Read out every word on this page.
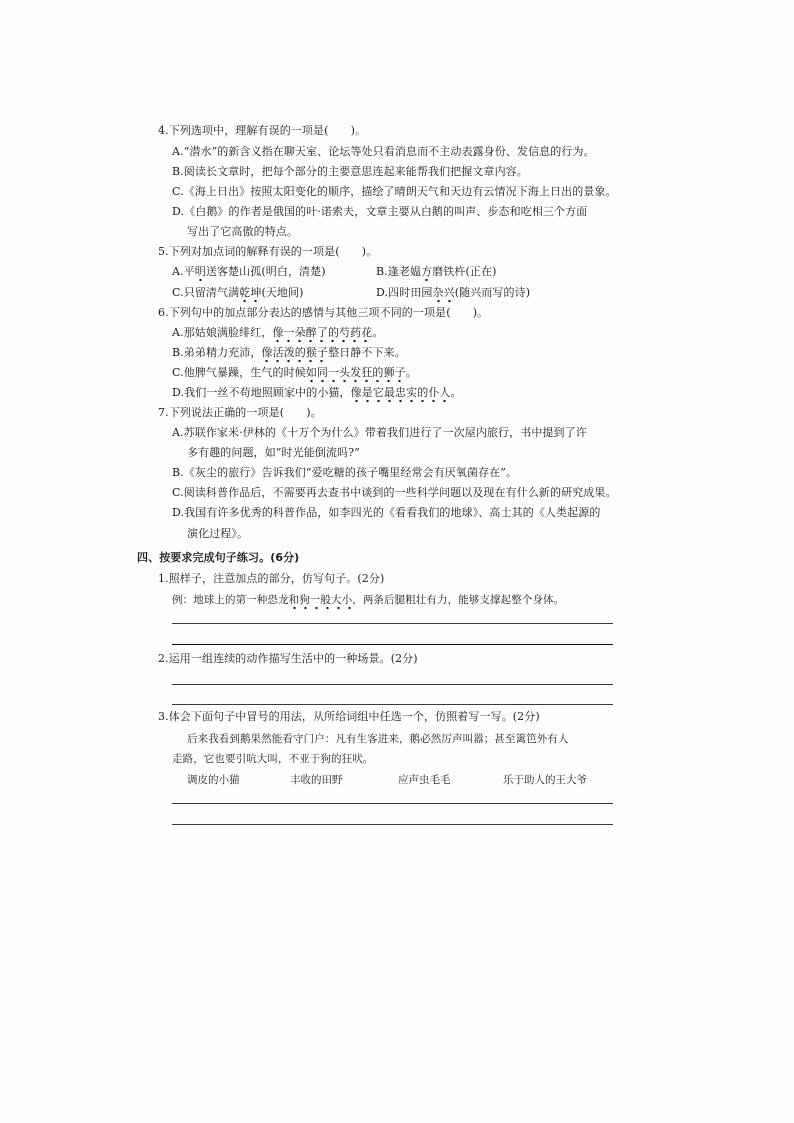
4.下列选项中，理解有误的一项是(　　)。
A.“潜水”的新含义指在聊天室、论坛等处只看消息而不主动表露身份、发信息的行为。
B.阅读长文章时，把每个部分的主要意思连起来能帮我们把握文章内容。
C.《海上日出》按照太阳变化的顺序，描绘了晴朗天气和天边有云情况下海上日出的景象。
D.《白鹅》的作者是俄国的叶·诺索夫，文章主要从白鹅的叫声、步态和吃相三个方面
写出了它高傲的特点。
5.下列对加点词的解释有误的一项是(　　)。
A.平明送客楚山孤(明白，清楚)	B.逢老媪方磨铁杵(正在)
C.只留清气满乾坤(天地间)	D.四时田园杂兴(随兴而写的诗)
6.下列句中的加点部分表达的感情与其他三项不同的一项是(　　)。
A.那姑娘满脸绯红，像一朵醉了的芍药花。
B.弟弟精力充沛，像活泼的猴子整日静不下来。
C.他脾气暴躁，生气的时候如同一头发狂的狮子。
D.我们一丝不苟地照顾家中的小猫，像是它最忠实的仆人。
7.下列说法正确的一项是(　　)。
A.苏联作家米·伊林的《十万个为什么》带着我们进行了一次屋内旅行，书中提到了许
多有趣的问题，如“时光能倒流吗?”
B.《灰尘的旅行》告诉我们“爱吃糖的孩子嘴里经常会有厌氧菌存在”。
C.阅读科普作品后，不需要再去查书中谈到的一些科学问题以及现在有什么新的研究成果。
D.我国有许多优秀的科普作品，如李四光的《看看我们的地球》、高士其的《人类起源的
演化过程》。
四、按要求完成句子练习。(6分)
1.照样子，注意加点的部分，仿写句子。(2分)
例：地球上的第一种恐龙和狗一般大小，两条后腿粗壮有力，能够支撑起整个身体。
2.运用一组连续的动作描写生活中的一种场景。(2分)
3.体会下面句子中冒号的用法，从所给词组中任选一个，仿照着写一写。(2分)
后来我看到鹅果然能看守门户：凡有生客进来，鹅必然厉声叫嚣；甚至篱笆外有人
走路，它也要引吭大叫，不亚于狗的狂吠。
调皮的小猫	丰收的田野	应声虫毛毛	乐于助人的王大爷
